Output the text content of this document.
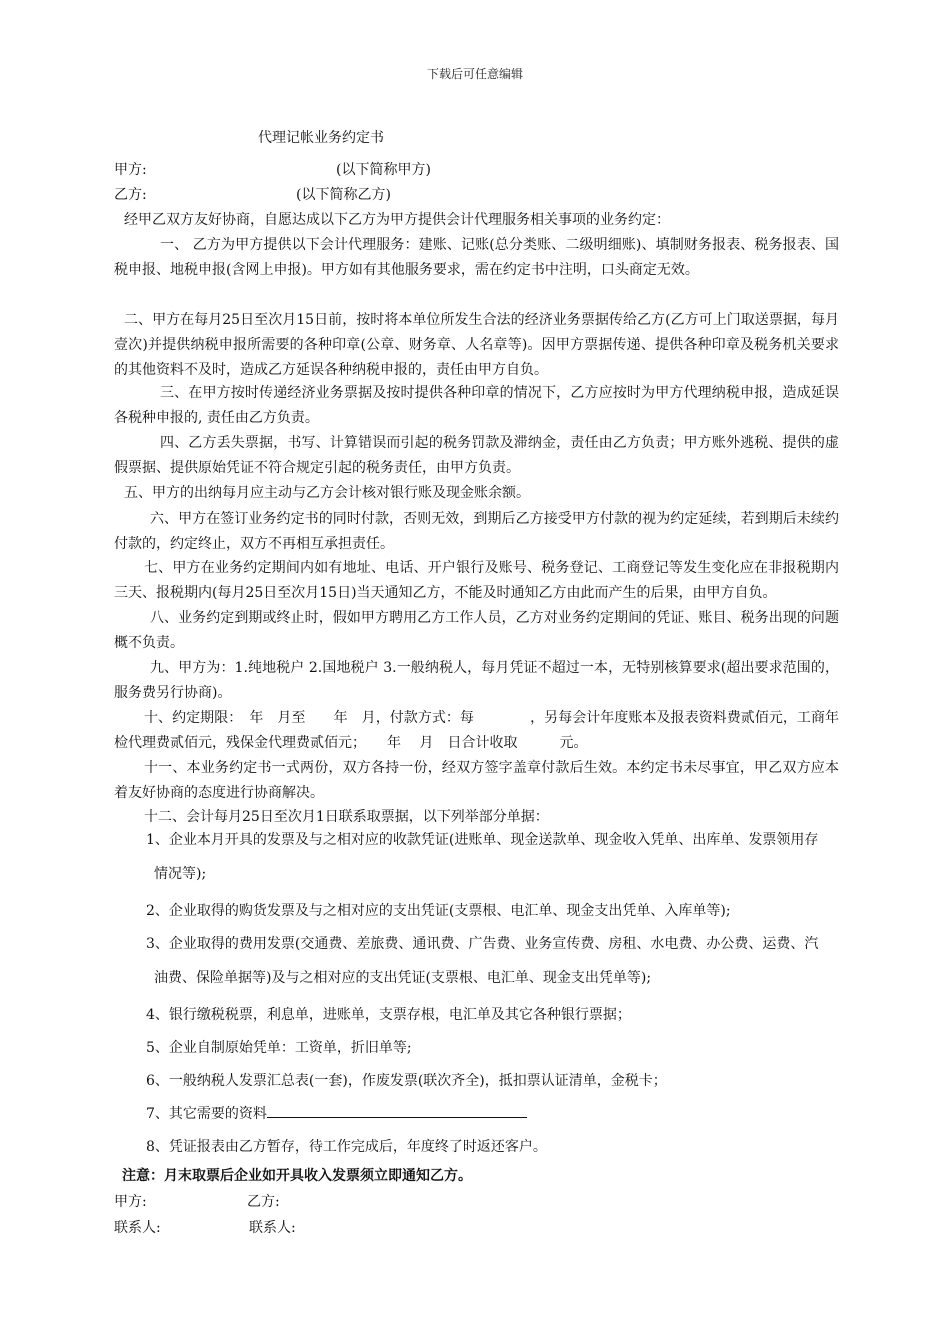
下载后可任意编辑
代理记帐业务约定书
甲方:	(以下简称甲方)
乙方:	(以下简称乙方)
经甲乙双方友好协商，自愿达成以下乙方为甲方提供会计代理服务相关事项的业务约定：
一、 乙方为甲方提供以下会计代理服务：建账、记账(总分类账、二级明细账)、填制财务报表、税务报表、国税申报、地税申报(含网上申报)。甲方如有其他服务要求，需在约定书中注明，口头商定无效。
二、甲方在每月25日至次月15日前，按时将本单位所发生合法的经济业务票据传给乙方(乙方可上门取送票据，每月壹次)并提供纳税申报所需要的各种印章(公章、财务章、人名章等)。因甲方票据传递、提供各种印章及税务机关要求的其他资料不及时，造成乙方延误各种纳税申报的，责任由甲方自负。
三、在甲方按时传递经济业务票据及按时提供各种印章的情况下，乙方应按时为甲方代理纳税申报，造成延误各税种申报的, 责任由乙方负责。
四、乙方丢失票据，书写、计算错误而引起的税务罚款及滞纳金，责任由乙方负责；甲方账外逃税、提供的虚假票据、提供原始凭证不符合规定引起的税务责任，由甲方负责。
五、甲方的出纳每月应主动与乙方会计核对银行账及现金账余额。
六、甲方在签订业务约定书的同时付款，否则无效，到期后乙方接受甲方付款的视为约定延续，若到期后未续约付款的，约定终止，双方不再相互承担责任。
七、甲方在业务约定期间内如有地址、电话、开户银行及账号、税务登记、工商登记等发生变化应在非报税期内三天、报税期内(每月25日至次月15日)当天通知乙方，不能及时通知乙方由此而产生的后果，由甲方自负。
八、业务约定到期或终止时，假如甲方聘用乙方工作人员，乙方对业务约定期间的凭证、账目、税务出现的问题概不负责。
九、甲方为：1.纯地税户 2.国地税户 3.一般纳税人，每月凭证不超过一本，无特别核算要求(超出要求范围的，服务费另行协商)。
十、约定期限：　年　月至　　年　月，付款方式：每　　　　，另每会计年度账本及报表资料费贰佰元，工商年检代理费贰佰元，残保金代理费贰佰元；　　年　 月　日合计收取　　　元。
十一、本业务约定书一式两份，双方各持一份，经双方签字盖章付款后生效。本约定书未尽事宜，甲乙双方应本着友好协商的态度进行协商解决。
十二、会计每月25日至次月1日联系取票据，以下列举部分单据：
1、企业本月开具的发票及与之相对应的收款凭证(进账单、现金送款单、现金收入凭单、出库单、发票领用存
情况等);
2、企业取得的购货发票及与之相对应的支出凭证(支票根、电汇单、现金支出凭单、入库单等);
3、企业取得的费用发票(交通费、差旅费、通讯费、广告费、业务宣传费、房租、水电费、办公费、运费、汽
油费、保险单据等)及与之相对应的支出凭证(支票根、电汇单、现金支出凭单等);
4、银行缴税税票，利息单，进账单，支票存根，电汇单及其它各种银行票据；
5、企业自制原始凭单：工资单，折旧单等;
6、一般纳税人发票汇总表(一套)，作废发票(联次齐全)，抵扣票认证清单，金税卡；
7、其它需要的资料
8、凭证报表由乙方暂存，待工作完成后，年度终了时返还客户。
注意：月末取票后企业如开具收入发票须立即通知乙方。
甲方:	乙方:
联系人:	联系人:
